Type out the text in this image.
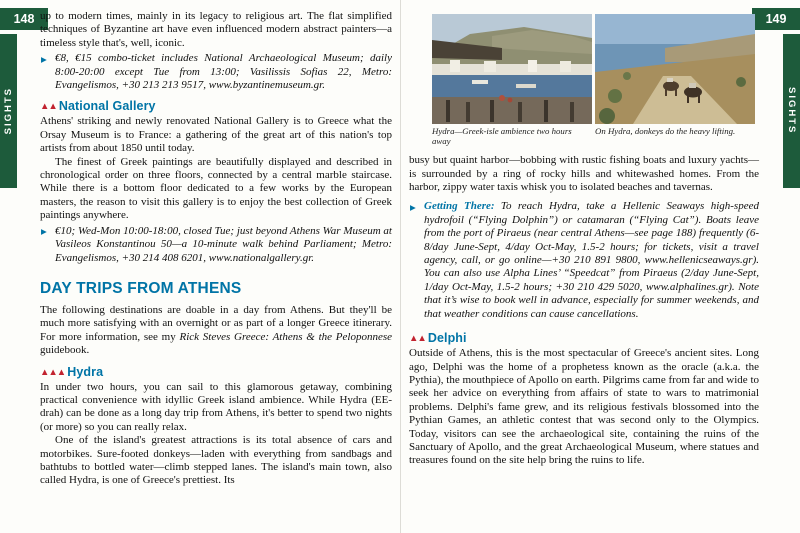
148
SIGHTS
149
SIGHTS

up to modern times, mainly in its legacy to religious art. The flat simplified techniques of Byzantine art have even influenced modern abstract painters—a timeless style that's, well, iconic.

▶ €8, €15 combo-ticket includes National Archaeological Museum; daily 8:00-20:00 except Tue from 13:00; Vasilissis Sofias 22, Metro: Evangelismos, +30 213 213 9517, www.byzantinemuseum.gr.
▲▲ National Gallery

Athens' striking and newly renovated National Gallery is to Greece what the Orsay Museum is to France: a gathering of the great art of this nation's top artists from about 1850 until today.

The finest of Greek paintings are beautifully displayed and described in chronological order on three floors, connected by a central marble staircase. While there is a bottom floor dedicated to a few works by the European masters, the reason to visit this gallery is to enjoy the best collection of Greek paintings anywhere.

▶ €10; Wed-Mon 10:00-18:00, closed Tue; just beyond Athens War Museum at Vasileos Konstantinou 50—a 10-minute walk behind Parliament; Metro: Evangelismos, +30 214 408 6201, www.nationalgallery.gr.
DAY TRIPS FROM ATHENS

The following destinations are doable in a day from Athens. But they'll be much more satisfying with an overnight or as part of a longer Greece itinerary. For more information, see my Rick Steves Greece: Athens & the Peloponnese guidebook.

▲▲▲ Hydra

In under two hours, you can sail to this glamorous getaway, combining practical convenience with idyllic Greek island ambience. While Hydra (EE-drah) can be done as a long day trip from Athens, it's better to spend two nights (or more) so you can really relax.

One of the island's greatest attractions is its total absence of cars and motorbikes. Sure-footed donkeys—laden with everything from sandbags and bathtubs to bottled water—climb stepped lanes. The island's main town, also called Hydra, is one of Greece's prettiest. Its

Hydra—Greek-isle ambience two hours away
On Hydra, donkeys do the heavy lifting.

busy but quaint harbor—bobbing with rustic fishing boats and luxury yachts—is surrounded by a ring of rocky hills and whitewashed homes. From the harbor, zippy water taxis whisk you to isolated beaches and tavernas.

▶ Getting There: To reach Hydra, take a Hellenic Seaways high-speed hydrofoil (“Flying Dolphin”) or catamaran (“Flying Cat”). Boats leave from the port of Piraeus (near central Athens—see page 188) frequently (6-8/day June-Sept, 4/day Oct-May, 1.5-2 hours; for tickets, visit a travel agency, call, or go online—+30 210 891 9800, www.hellenicseaways.gr). You can also use Alpha Lines’ “Speedcat” from Piraeus (2/day June-Sept, 1/day Oct-May, 1.5-2 hours; +30 210 429 5020, www.alphalines.gr). Note that it’s wise to book well in advance, especially for summer weekends, and that weather conditions can cause cancellations.
▲▲ Delphi

Outside of Athens, this is the most spectacular of Greece's ancient sites. Long ago, Delphi was the home of a prophetess known as the oracle (a.k.a. the Pythia), the mouthpiece of Apollo on earth. Pilgrims came from far and wide to seek her advice on everything from affairs of state to wars to matrimonial problems. Delphi's fame grew, and its religious festivals blossomed into the Pythian Games, an athletic contest that was second only to the Olympics. Today, visitors can see the archaeological site, containing the ruins of the Sanctuary of Apollo, and the great Archaeological Museum, where statues and treasures found on the site help bring the ruins to life.
